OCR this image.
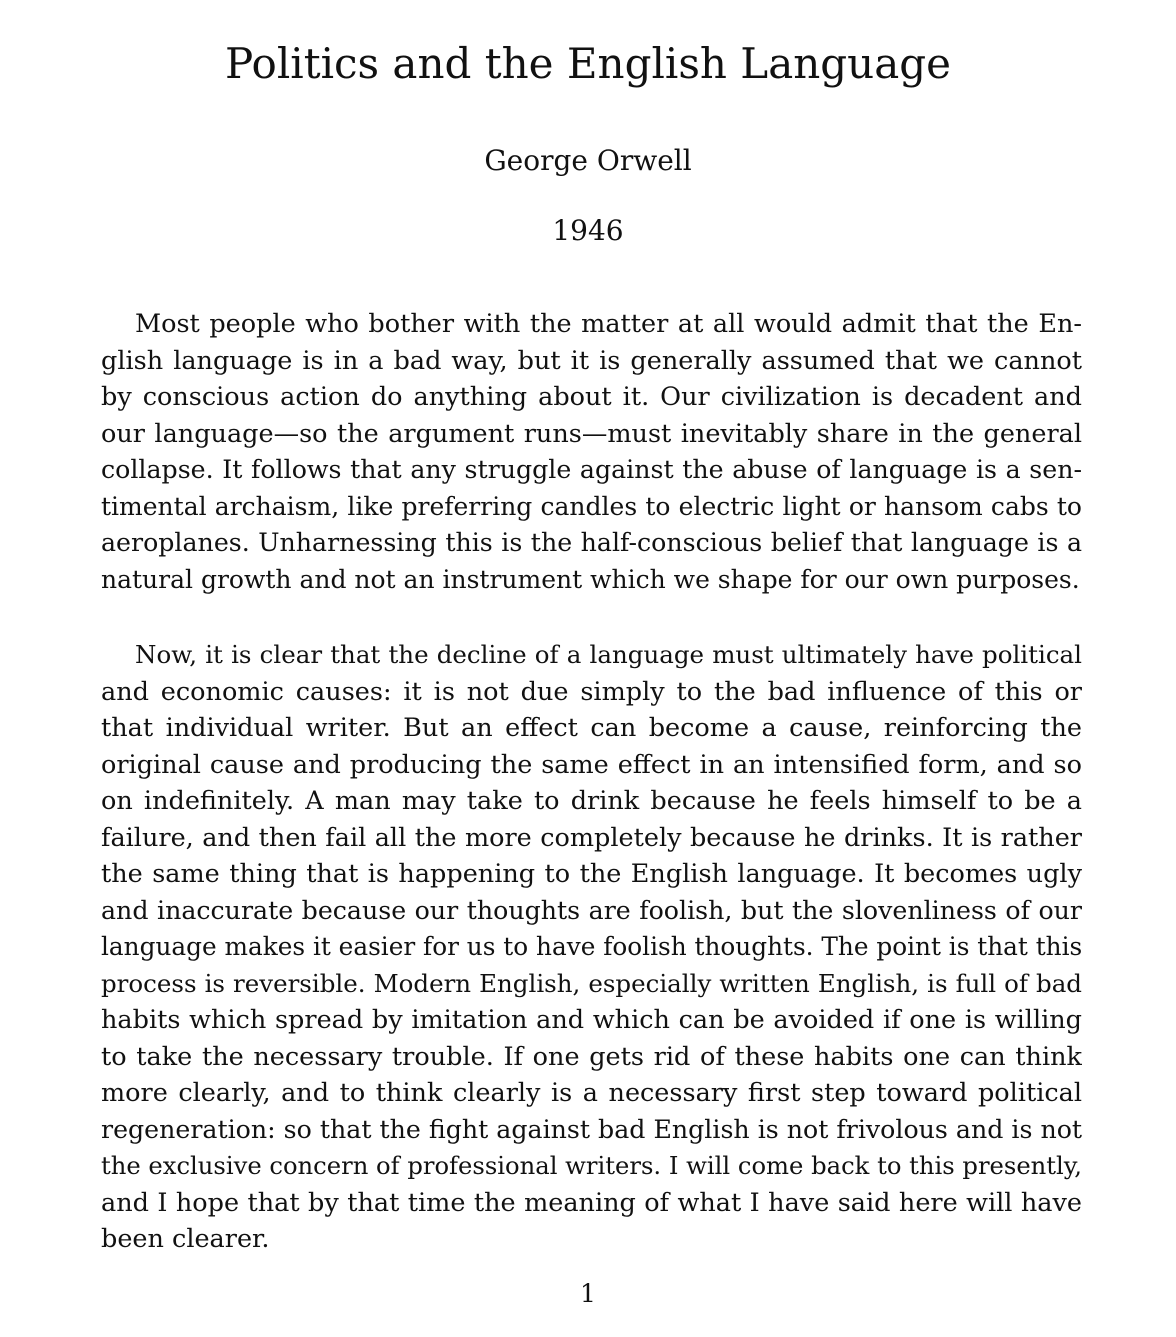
Politics and the English Language
George Orwell
1946

Most people who bother with the matter at all would admit that the En-
glish language is in a bad way, but it is generally assumed that we cannot
by conscious action do anything about it. Our civilization is decadent and
our language—so the argument runs—must inevitably share in the general
collapse. It follows that any struggle against the abuse of language is a sen-
timental archaism, like preferring candles to electric light or hansom cabs to
aeroplanes. Unharnessing this is the half-conscious belief that language is a
natural growth and not an instrument which we shape for our own purposes.

Now, it is clear that the decline of a language must ultimately have political
and economic causes: it is not due simply to the bad influence of this or
that individual writer. But an effect can become a cause, reinforcing the
original cause and producing the same effect in an intensified form, and so
on indefinitely. A man may take to drink because he feels himself to be a
failure, and then fail all the more completely because he drinks. It is rather
the same thing that is happening to the English language. It becomes ugly
and inaccurate because our thoughts are foolish, but the slovenliness of our
language makes it easier for us to have foolish thoughts. The point is that this
process is reversible. Modern English, especially written English, is full of bad
habits which spread by imitation and which can be avoided if one is willing
to take the necessary trouble. If one gets rid of these habits one can think
more clearly, and to think clearly is a necessary first step toward political
regeneration: so that the fight against bad English is not frivolous and is not
the exclusive concern of professional writers. I will come back to this presently,
and I hope that by that time the meaning of what I have said here will have
been clearer.

1
